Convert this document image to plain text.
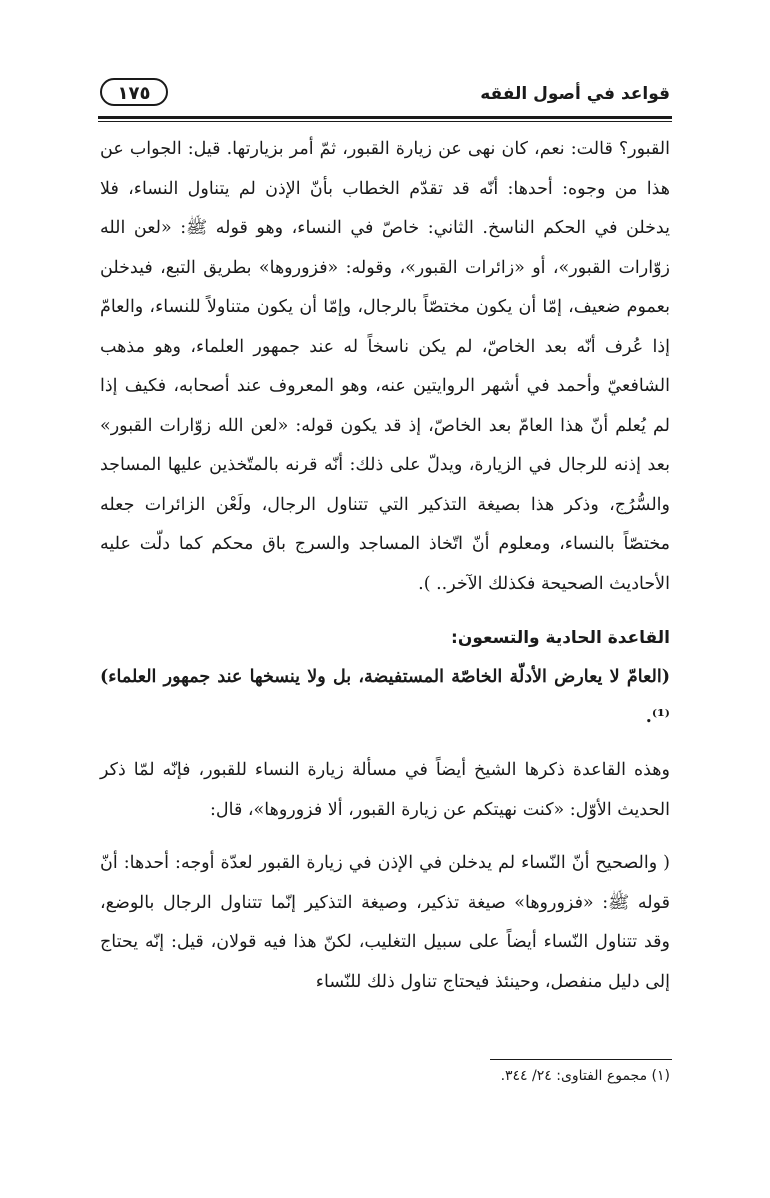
قواعد في أصول الفقه
١٧٥

القبور؟ قالت: نعم، كان نهى عن زيارة القبور، ثمّ أمر بزيارتها. قيل: الجواب عن هذا من وجوه: أحدها: أنّه قد تقدّم الخطاب بأنّ الإذن لم يتناول النساء، فلا يدخلن في الحكم الناسخ. الثاني: خاصّ في النساء، وهو قوله ﷺ: «لعن الله زوّارات القبور»، أو «زائرات القبور»، وقوله: «فزوروها» بطريق التبع، فيدخلن بعموم ضعيف، إمّا أن يكون مختصّاً بالرجال، وإمّا أن يكون متناولاً للنساء، والعامّ إذا عُرف أنّه بعد الخاصّ، لم يكن ناسخاً له عند جمهور العلماء، وهو مذهب الشافعيّ وأحمد في أشهر الروايتين عنه، وهو المعروف عند أصحابه، فكيف إذا لم يُعلم أنّ هذا العامّ بعد الخاصّ، إذ قد يكون قوله: «لعن الله زوّارات القبور» بعد إذنه للرجال في الزيارة، ويدلّ على ذلك: أنّه قرنه بالمتّخذين عليها المساجد والسُّرُج، وذكر هذا بصيغة التذكير التي تتناول الرجال، ولَعْن الزائرات جعله مختصّاً بالنساء، ومعلوم أنّ اتّخاذ المساجد والسرج باق محكم كما دلّت عليه الأحاديث الصحيحة فكذلك الآخر.. ).

القاعدة الحادية والتسعون:

(العامّ لا يعارض الأدلّة الخاصّة المستفيضة، بل ولا ينسخها عند جمهور العلماء)⁽¹⁾.

وهذه القاعدة ذكرها الشيخ أيضاً في مسألة زيارة النساء للقبور، فإنّه لمّا ذكر الحديث الأوّل: «كنت نهيتكم عن زيارة القبور، ألا فزوروها»، قال:

( والصحيح أنّ النّساء لم يدخلن في الإذن في زيارة القبور لعدّة أوجه: أحدها: أنّ قوله ﷺ: «فزوروها» صيغة تذكير، وصيغة التذكير إنّما تتناول الرجال بالوضع، وقد تتناول النّساء أيضاً على سبيل التغليب، لكنّ هذا فيه قولان، قيل: إنّه يحتاج إلى دليل منفصل، وحينئذ فيحتاج تناول ذلك للنّساء

(١) مجموع الفتاوى: ٢٤/ ٣٤٤.
